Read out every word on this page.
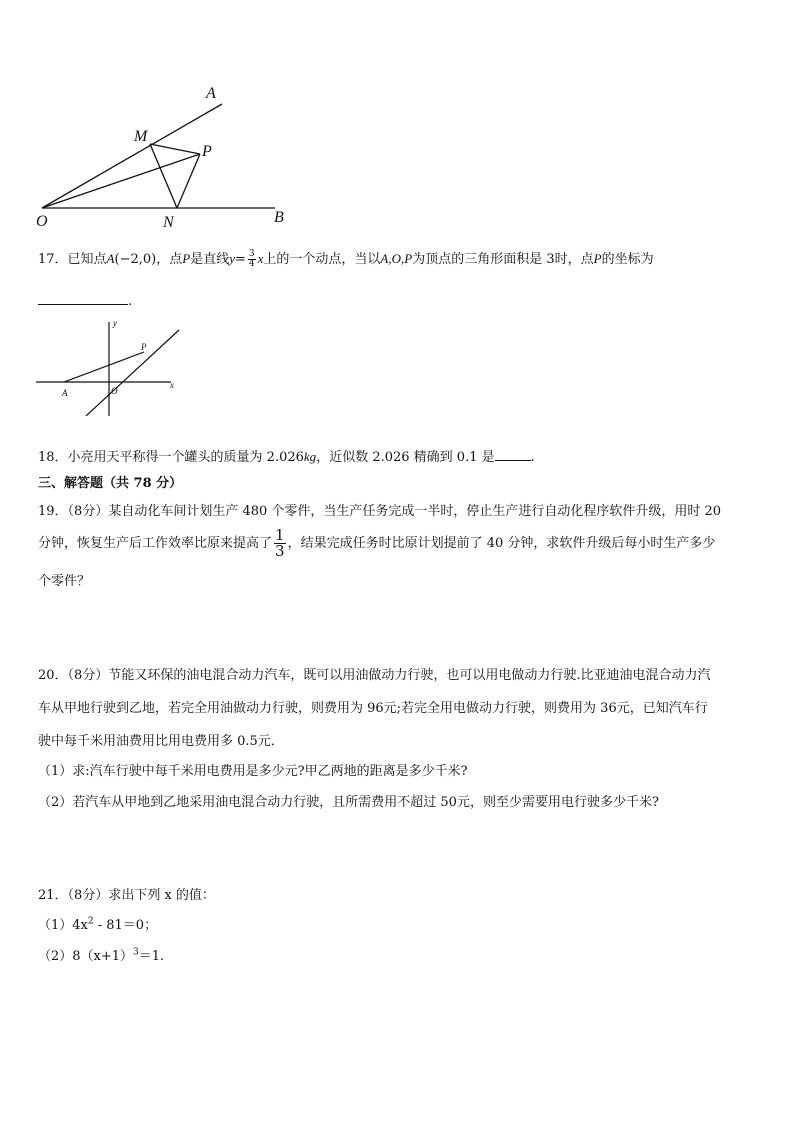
A
M
P
O	N	B
17．已知点A(−2,0)，点P是直线$y= \frac{3}{4}$ x上的一个动点，当以A,O,P为顶点的三角形面积是 3时，点P的坐标为
.
y
P
A	O
x
18．小亮用天平称得一个罐头的质量为 2.026kg，近似数 2.026 精确到 0.1 是	.
三、解答题（共 78 分）
19．（8分）某自动化车间计划生产 480 个零件，当生产任务完成一半时，停止生产进行自动化程序软件升级，用时 20
分钟，恢复生产后工作效率比原来提高了 $\frac{1}{3}$ ，结果完成任务时比原计划提前了 40 分钟，求软件升级后每小时生产多少
个零件？
20．（8分）节能又环保的油电混合动力汽车，既可以用油做动力行驶，也可以用电做动力行驶.比亚迪油电混合动力汽
车从甲地行驶到乙地，若完全用油做动力行驶，则费用为 96元;若完全用电做动力行驶，则费用为 36元，已知汽车行
驶中每千米用油费用比用电费用多 0.5元．
（1）求:汽车行驶中每千米用电费用是多少元?甲乙两地的距离是多少千米?
（2）若汽车从甲地到乙地采用油电混合动力行驶，且所需费用不超过 50元，则至少需要用电行驶多少千米?
21．（8分）求出下列 x 的值：
$(1)4x^2 - 81=0$；
$(2)8(x+1)^3=1$.
